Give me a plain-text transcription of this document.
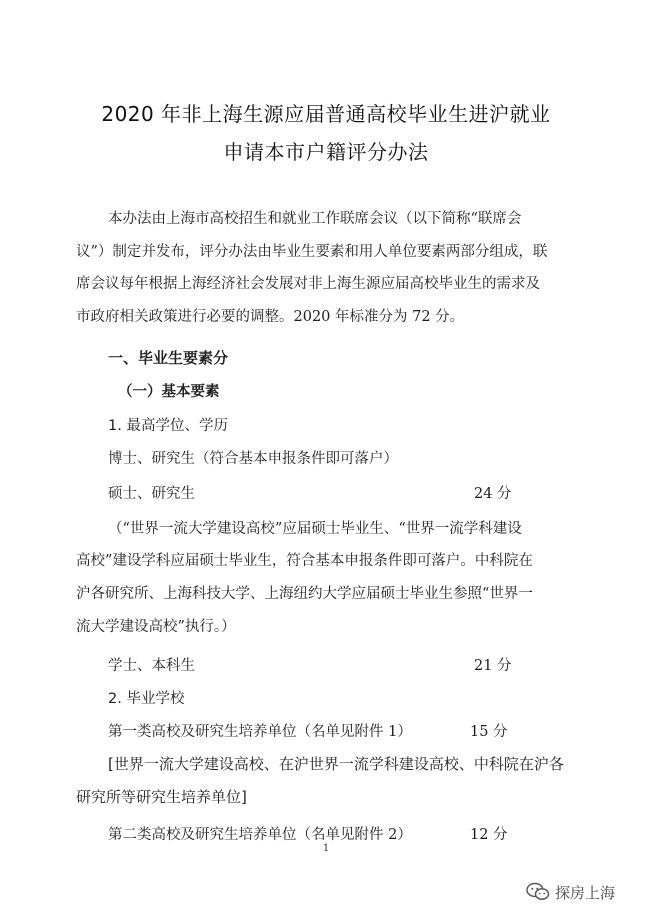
2020 年非上海生源应届普通高校毕业生进沪就业
申请本市户籍评分办法
本办法由上海市高校招生和就业工作联席会议（以下简称“联席会
议”）制定并发布，评分办法由毕业生要素和用人单位要素两部分组成，联
席会议每年根据上海经济社会发展对非上海生源应届高校毕业生的需求及
市政府相关政策进行必要的调整。2020 年标准分为 72 分。
一、毕业生要素分
（一）基本要素
1. 最高学位、学历
博士、研究生（符合基本申报条件即可落户）
硕士、研究生	24 分
（“世界一流大学建设高校”应届硕士毕业生、“世界一流学科建设
高校”建设学科应届硕士毕业生，符合基本申报条件即可落户。中科院在
沪各研究所、上海科技大学、上海纽约大学应届硕士毕业生参照“世界一
流大学建设高校”执行。）
学士、本科生	21 分
2. 毕业学校
第一类高校及研究生培养单位（名单见附件 1）	15 分
[世界一流大学建设高校、在沪世界一流学科建设高校、中科院在沪各
研究所等研究生培养单位]
第二类高校及研究生培养单位（名单见附件 2）	12 分
1
探房上海
